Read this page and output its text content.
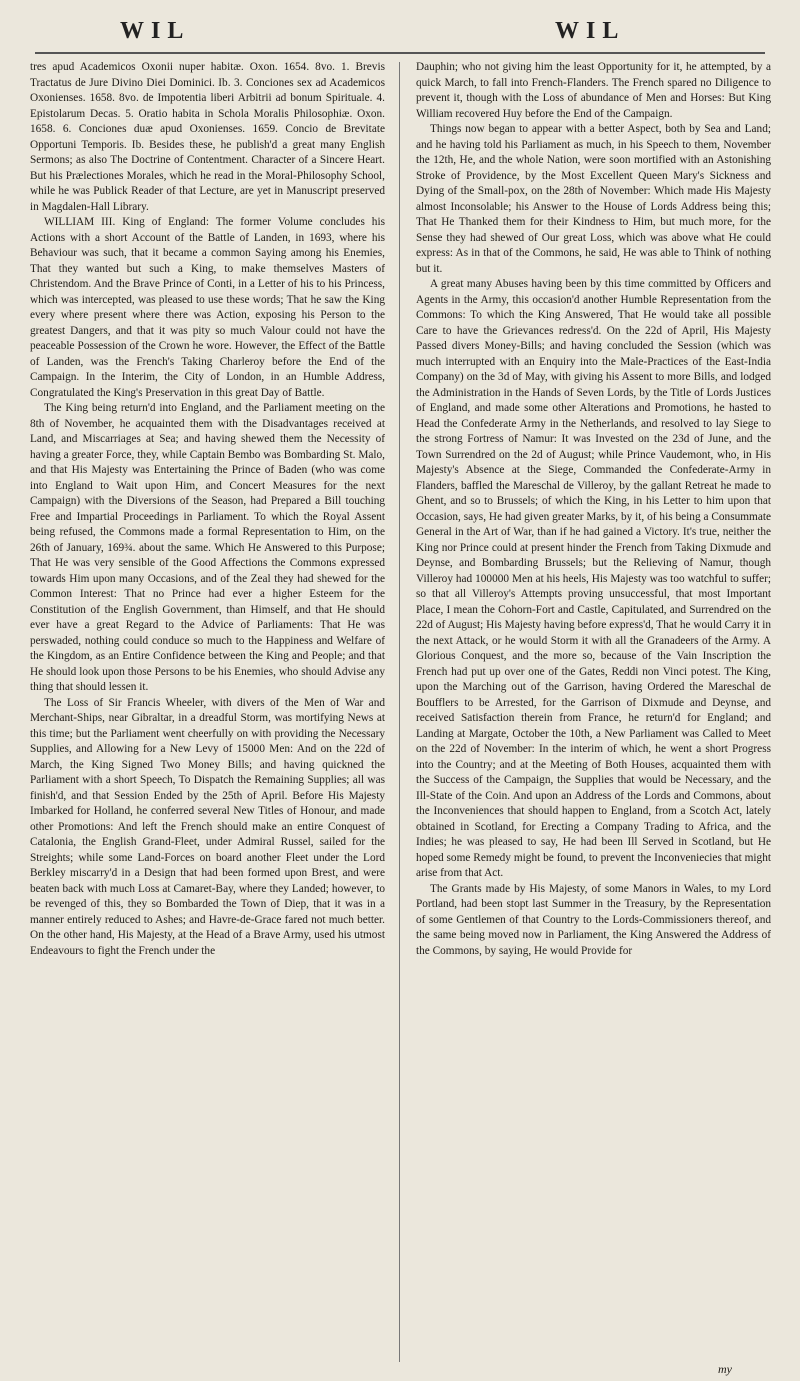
WIL	WIL

tres apud Academicos Oxonii nuper habitæ. Oxon. 1654. 8vo. 1. Brevis Tractatus de Jure Divino Diei Dominici. Ib. 3. Conciones sex ad Academicos Oxonienses. 1658. 8vo. de Impotentia liberi Arbitrii ad bonum Spirituale. 4. Epistolarum Decas. 5. Oratio habita in Schola Moralis Philosophiæ. Oxon. 1658. 6. Conciones duæ apud Oxonienses. 1659. Concio de Brevitate Opportuni Temporis. Ib. Besides these, he publish'd a great many English Sermons; as also The Doctrine of Contentment. Character of a Sincere Heart. But his Prælectiones Morales, which he read in the Moral-Philosophy School, while he was Publick Reader of that Lecture, are yet in Manuscript preserved in Magdalen-Hall Library.

WILLIAM III. King of England: The former Volume concludes his Actions with a short Account of the Battle of Landen, in 1693, where his Behaviour was such, that it became a common Saying among his Enemies, That they wanted but such a King, to make themselves Masters of Christendom. And the Brave Prince of Conti, in a Letter of his to his Princess, which was intercepted, was pleased to use these words; That he saw the King every where present where there was Action, exposing his Person to the greatest Dangers, and that it was pity so much Valour could not have the peaceable Possession of the Crown he wore. However, the Effect of the Battle of Landen, was the French's Taking Charleroy before the End of the Campaign. In the Interim, the City of London, in an Humble Address, Congratulated the King's Preservation in this great Day of Battle.

The King being return'd into England, and the Parliament meeting on the 8th of November, he acquainted them with the Disadvantages received at Land, and Miscarriages at Sea; and having shewed them the Necessity of having a greater Force, they, while Captain Bembo was Bombarding St. Malo, and that His Majesty was Entertaining the Prince of Baden (who was come into England to Wait upon Him, and Concert Measures for the next Campaign) with the Diversions of the Season, had Prepared a Bill touching Free and Impartial Proceedings in Parliament. To which the Royal Assent being refused, the Commons made a formal Representation to Him, on the 26th of January, 169¾. about the same. Which He Answered to this Purpose; That He was very sensible of the Good Affections the Commons expressed towards Him upon many Occasions, and of the Zeal they had shewed for the Common Interest: That no Prince had ever a higher Esteem for the Constitution of the English Government, than Himself, and that He should ever have a great Regard to the Advice of Parliaments: That He was perswaded, nothing could conduce so much to the Happiness and Welfare of the Kingdom, as an Entire Confidence between the King and People; and that He should look upon those Persons to be his Enemies, who should Advise any thing that should lessen it.

The Loss of Sir Francis Wheeler, with divers of the Men of War and Merchant-Ships, near Gibraltar, in a dreadful Storm, was mortifying News at this time; but the Parliament went cheerfully on with providing the Necessary Supplies, and Allowing for a New Levy of 15000 Men: And on the 22d of March, the King Signed Two Money Bills; and having quickned the Parliament with a short Speech, To Dispatch the Remaining Supplies; all was finish'd, and that Session Ended by the 25th of April. Before His Majesty Imbarked for Holland, he conferred several New Titles of Honour, and made other Promotions: And left the French should make an entire Conquest of Catalonia, the English Grand-Fleet, under Admiral Russel, sailed for the Streights; while some Land-Forces on board another Fleet under the Lord Berkley miscarry'd in a Design that had been formed upon Brest, and were beaten back with much Loss at Camaret-Bay, where they Landed; however, to be revenged of this, they so Bombarded the Town of Diep, that it was in a manner entirely reduced to Ashes; and Havre-de-Grace fared not much better. On the other hand, His Majesty, at the Head of a Brave Army, used his utmost Endeavours to fight the French under the

Dauphin; who not giving him the least Opportunity for it, he attempted, by a quick March, to fall into French-Flanders. The French spared no Diligence to prevent it, though with the Loss of abundance of Men and Horses: But King William recovered Huy before the End of the Campaign.

Things now began to appear with a better Aspect, both by Sea and Land; and he having told his Parliament as much, in his Speech to them, November the 12th, He, and the whole Nation, were soon mortified with an Astonishing Stroke of Providence, by the Most Excellent Queen Mary's Sickness and Dying of the Small-pox, on the 28th of November: Which made His Majesty almost Inconsolable; his Answer to the House of Lords Address being this; That He Thanked them for their Kindness to Him, but much more, for the Sense they had shewed of Our great Loss, which was above what He could express: As in that of the Commons, he said, He was able to Think of nothing but it.

A great many Abuses having been by this time committed by Officers and Agents in the Army, this occasion'd another Humble Representation from the Commons: To which the King Answered, That He would take all possible Care to have the Grievances redress'd. On the 22d of April, His Majesty Passed divers Money-Bills; and having concluded the Session (which was much interrupted with an Enquiry into the Male-Practices of the East-India Company) on the 3d of May, with giving his Assent to more Bills, and lodged the Administration in the Hands of Seven Lords, by the Title of Lords Justices of England, and made some other Alterations and Promotions, he hasted to Head the Confederate Army in the Netherlands, and resolved to lay Siege to the strong Fortress of Namur: It was Invested on the 23d of June, and the Town Surrendred on the 2d of August; while Prince Vaudemont, who, in His Majesty's Absence at the Siege, Commanded the Confederate-Army in Flanders, baffled the Mareschal de Villeroy, by the gallant Retreat he made to Ghent, and so to Brussels; of which the King, in his Letter to him upon that Occasion, says, He had given greater Marks, by it, of his being a Consummate General in the Art of War, than if he had gained a Victory. It's true, neither the King nor Prince could at present hinder the French from Taking Dixmude and Deynse, and Bombarding Brussels; but the Relieving of Namur, though Villeroy had 100000 Men at his heels, His Majesty was too watchful to suffer; so that all Villeroy's Attempts proving unsuccessful, that most Important Place, I mean the Cohorn-Fort and Castle, Capitulated, and Surrendred on the 22d of August; His Majesty having before express'd, That he would Carry it in the next Attack, or he would Storm it with all the Granadeers of the Army. A Glorious Conquest, and the more so, because of the Vain Inscription the French had put up over one of the Gates, Reddi non Vinci potest. The King, upon the Marching out of the Garrison, having Ordered the Mareschal de Boufflers to be Arrested, for the Garrison of Dixmude and Deynse, and received Satisfaction therein from France, he return'd for England; and Landing at Margate, October the 10th, a New Parliament was Called to Meet on the 22d of November: In the interim of which, he went a short Progress into the Country; and at the Meeting of Both Houses, acquainted them with the Success of the Campaign, the Supplies that would be Necessary, and the Ill-State of the Coin. And upon an Address of the Lords and Commons, about the Inconveniences that should happen to England, from a Scotch Act, lately obtained in Scotland, for Erecting a Company Trading to Africa, and the Indies; he was pleased to say, He had been Ill Served in Scotland, but He hoped some Remedy might be found, to prevent the Inconveniecies that might arise from that Act.

The Grants made by His Majesty, of some Manors in Wales, to my Lord Portland, had been stopt last Summer in the Treasury, by the Representation of some Gentlemen of that Country to the Lords-Commissioners thereof, and the same being moved now in Parliament, the King Answered the Address of the Commons, by saying, He would Provide for

my
